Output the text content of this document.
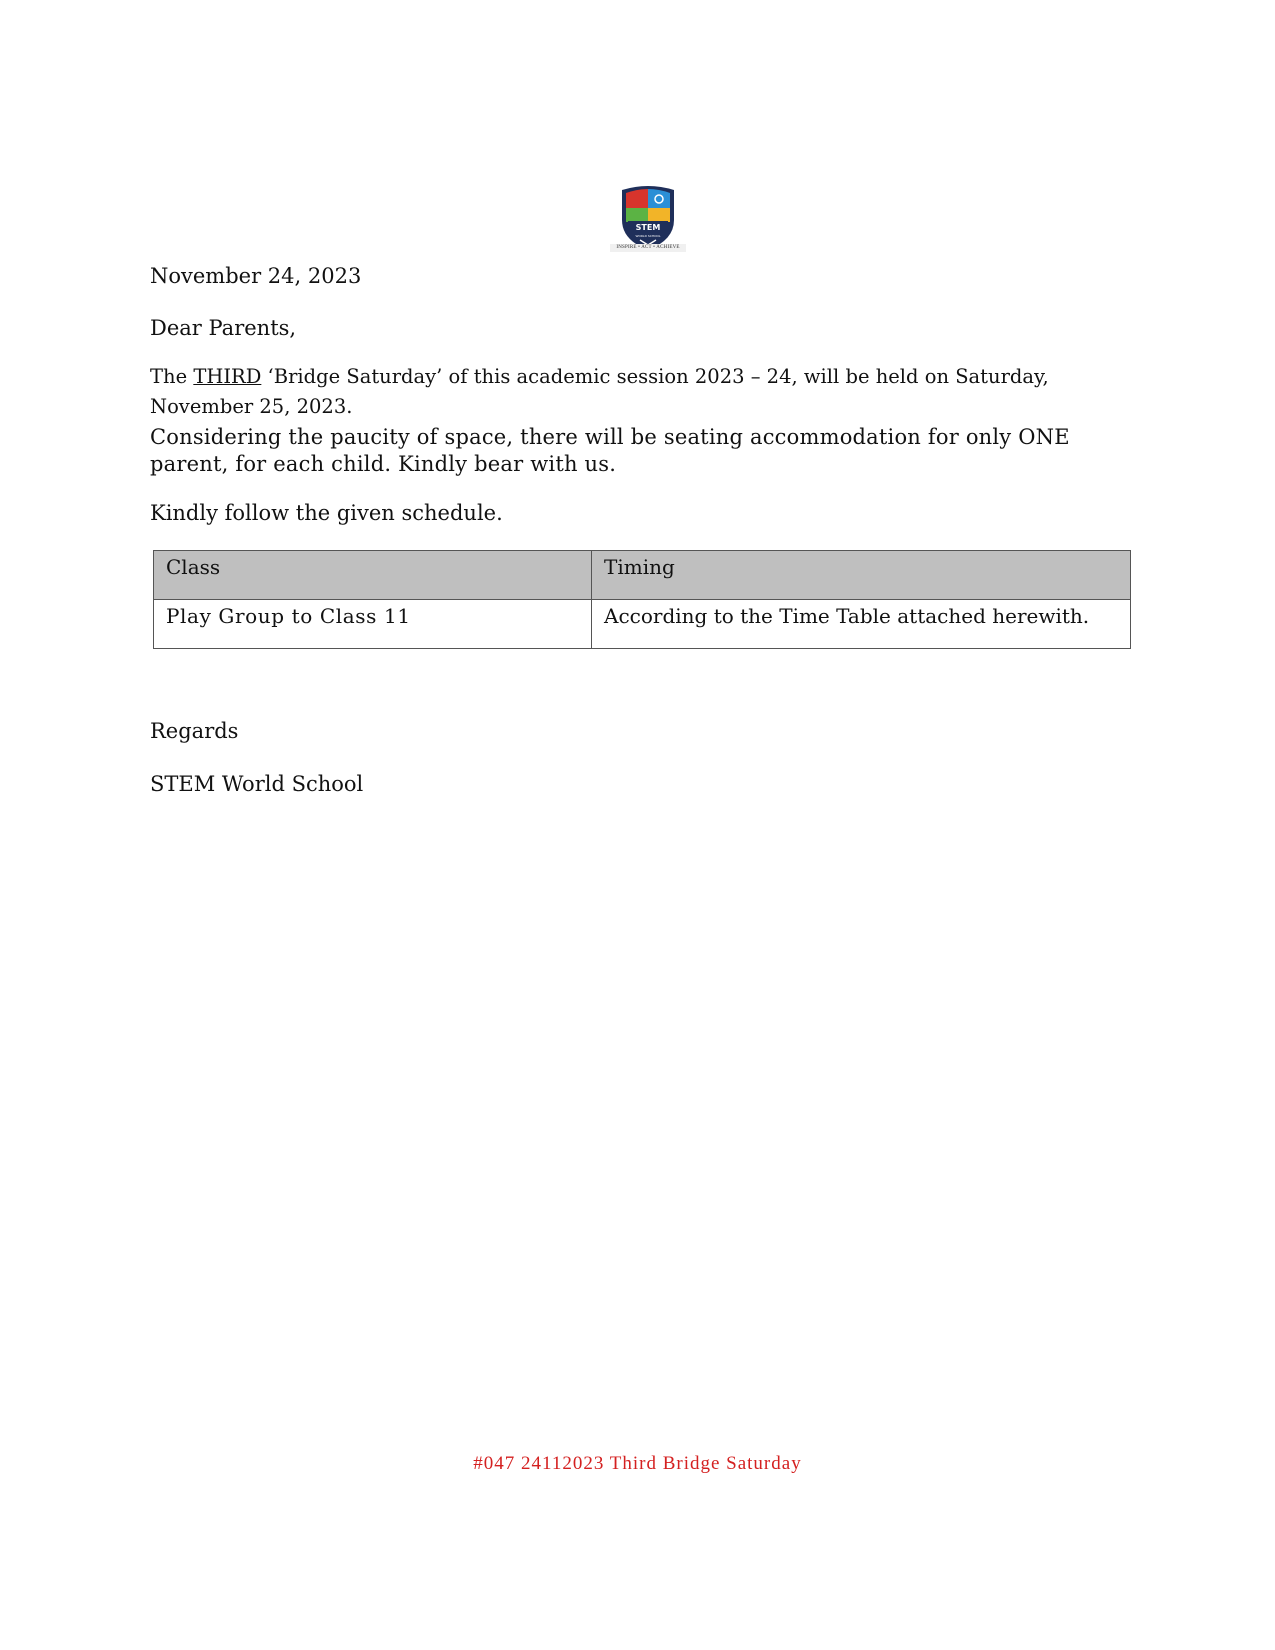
STEM
WORLD SCHOOL
INSPIRE • ACT • ACHIEVE
November 24, 2023
Dear Parents,
The THIRD ‘Bridge Saturday’ of this academic session 2023 – 24, will be held on Saturday, November 25, 2023.
Considering the paucity of space, there will be seating accommodation for only ONE parent, for each child. Kindly bear with us.
Kindly follow the given schedule.
Class	Timing
Play Group to Class 11	According to the Time Table attached herewith.
Regards
STEM World School
#047 24112023 Third Bridge Saturday
